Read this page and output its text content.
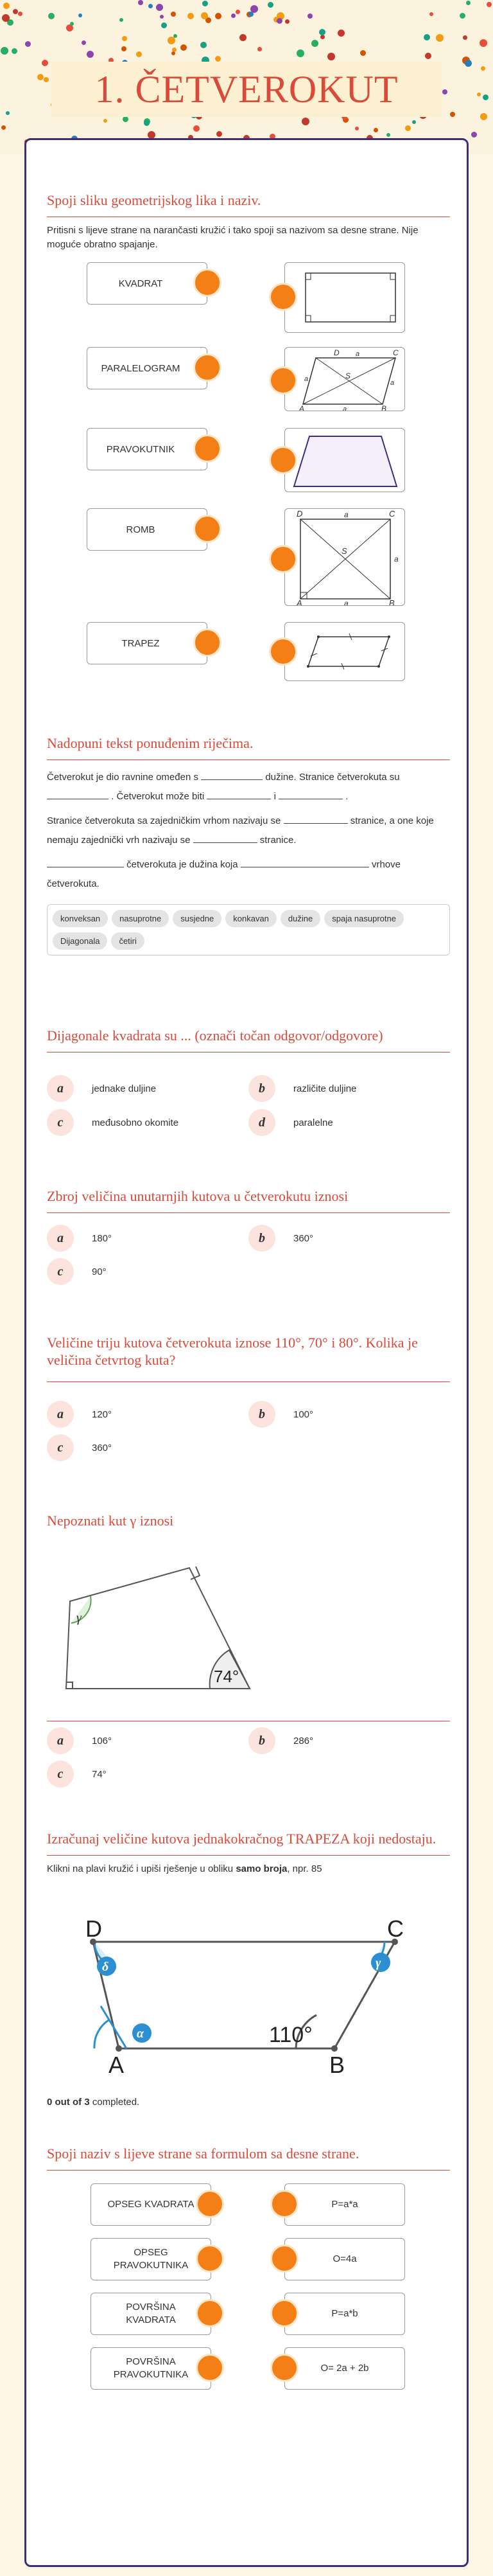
1. ČETVEROKUT

Spoji sliku geometrijskog lika i naziv.

Pritisni s lijeve strane na narančasti kružić i tako spoji sa nazivom sa desne strane. Nije moguće obratno spajanje.
KVADRAT
PARALELOGRAM
PRAVOKUTNIK
ROMB
TRAPEZ
D	C
A	B
S
a
a
a	a
D	C
A	B
S
a
a
a

Nadopuni tekst ponuđenim riječima.

Četverokut je dio ravnine omeđen s	dužine. Stranice četverokuta su  . Četverokut može biti	i	.
Stranice četverokuta sa zajedničkim vrhom nazivaju se	stranice, a one koje nemaju zajednički vrh nazivaju se	stranice.
četverokuta je dužina koja	vrhove četverokuta.
konveksan	nasuprotne	susjedne	konkavan	dužine	spaja nasuprotne
Dijagonala	četiri

Dijagonale kvadrata su ... (označi točan odgovor/odgovore)

a	jednake duljine	b	različite duljine
c	međusobno okomite	d	paralelne

Zbroj veličina unutarnjih kutova u četverokutu iznosi

a	180°	b	360°
c	90°

Veličine triju kutova četverokuta iznose 110°, 70° i 80°. Kolika je veličina četvrtog kuta?

a	120°	b	100°
c	360°

Nepoznati kut γ iznosi

γ
74°
a	106°	b	286°
c	74°

Izračunaj veličine kutova jednakokračnog TRAPEZA koji nedostaju.

Klikni na plavi kružić i upiši rješenje u obliku samo broja, npr. 85
D	C
A	B
110°
δ	γ
α
0 out of 3 completed.

Spoji naziv s lijeve strane sa formulom sa desne strane.

OPSEG KVADRATA
OPSEG PRAVOKUTNIKA
POVRŠINA KVADRATA
POVRŠINA PRAVOKUTNIKA
P=a*a
O=4a
P=a*b
O= 2a + 2b
